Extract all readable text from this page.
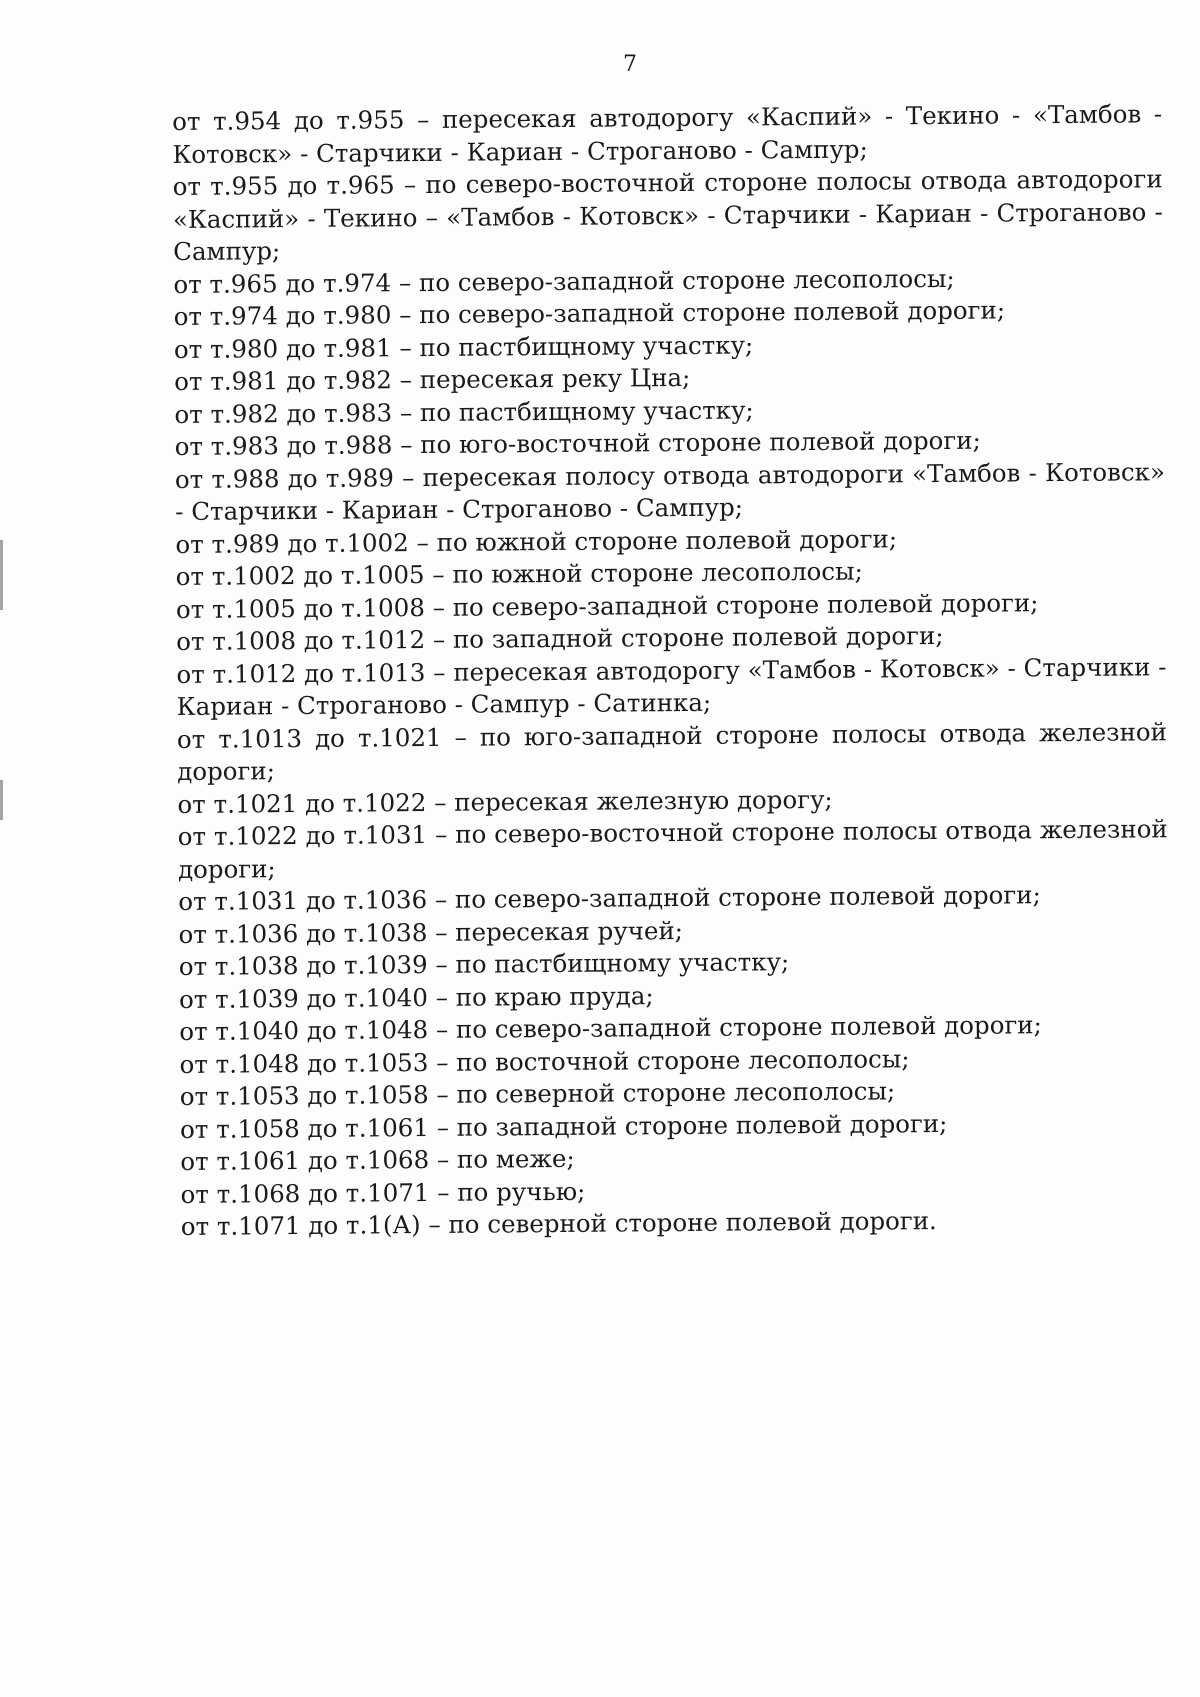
7

от т.954 до т.955 – пересекая автодорогу «Каспий» - Текино - «Тамбов - Котовск» - Старчики - Кариан - Строганово - Сампур;

от т.955 до т.965 – по северо-восточной стороне полосы отвода автодороги «Каспий» - Текино – «Тамбов - Котовск» - Старчики - Кариан - Строганово - Сампур;

от т.965 до т.974 – по северо-западной стороне лесополосы;

от т.974 до т.980 – по северо-западной стороне полевой дороги;

от т.980 до т.981 – по пастбищному участку;

от т.981 до т.982 – пересекая реку Цна;

от т.982 до т.983 – по пастбищному участку;

от т.983 до т.988 – по юго-восточной стороне полевой дороги;

от т.988 до т.989 – пересекая полосу отвода автодороги «Тамбов - Котовск» - Старчики - Кариан - Строганово - Сампур;

от т.989 до т.1002 – по южной стороне полевой дороги;

от т.1002 до т.1005 – по южной стороне лесополосы;

от т.1005 до т.1008 – по северо-западной стороне полевой дороги;

от т.1008 до т.1012 – по западной стороне полевой дороги;

от т.1012 до т.1013 – пересекая автодорогу «Тамбов - Котовск» - Старчики - Кариан - Строганово - Сампур - Сатинка;

от т.1013 до т.1021 – по юго-западной стороне полосы отвода железной дороги;

от т.1021 до т.1022 – пересекая железную дорогу;

от т.1022 до т.1031 – по северо-восточной стороне полосы отвода железной дороги;

от т.1031 до т.1036 – по северо-западной стороне полевой дороги;

от т.1036 до т.1038 – пересекая ручей;

от т.1038 до т.1039 – по пастбищному участку;

от т.1039 до т.1040 – по краю пруда;

от т.1040 до т.1048 – по северо-западной стороне полевой дороги;

от т.1048 до т.1053 – по восточной стороне лесополосы;

от т.1053 до т.1058 – по северной стороне лесополосы;

от т.1058 до т.1061 – по западной стороне полевой дороги;

от т.1061 до т.1068 – по меже;

от т.1068 до т.1071 – по ручью;

от т.1071 до т.1(А) – по северной стороне полевой дороги.
